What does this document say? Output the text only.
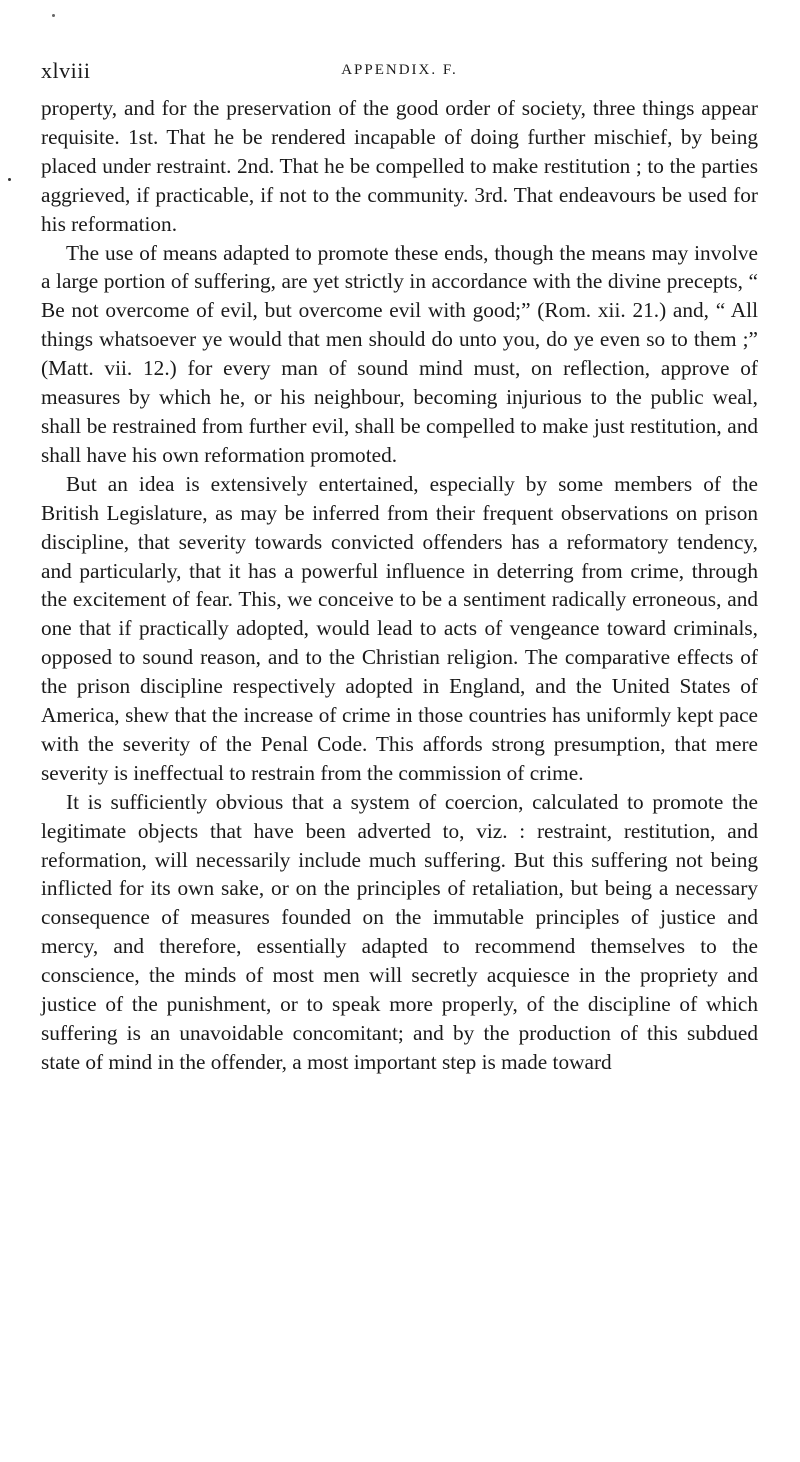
xlviii	APPENDIX. F.

property, and for the preservation of the good order of society, three things appear requisite. 1st. That he be rendered incapable of doing further mischief, by being placed under restraint. 2nd. That he be compelled to make restitution ; to the parties aggrieved, if practicable, if not to the community. 3rd. That endeavours be used for his reformation.

The use of means adapted to promote these ends, though the means may involve a large portion of suffering, are yet strictly in accordance with the divine precepts, “ Be not overcome of evil, but overcome evil with good;” (Rom. xii. 21.) and, “ All things whatsoever ye would that men should do unto you, do ye even so to them ;” (Matt. vii. 12.) for every man of sound mind must, on reflection, approve of measures by which he, or his neighbour, becoming injurious to the public weal, shall be restrained from further evil, shall be compelled to make just restitution, and shall have his own reformation promoted.

But an idea is extensively entertained, especially by some members of the British Legislature, as may be inferred from their frequent observations on prison discipline, that severity towards convicted offenders has a reformatory tendency, and particularly, that it has a powerful influence in deterring from crime, through the excitement of fear. This, we conceive to be a sentiment radically erroneous, and one that if practically adopted, would lead to acts of vengeance toward criminals, opposed to sound reason, and to the Christian religion. The comparative effects of the prison discipline respectively adopted in England, and the United States of America, shew that the increase of crime in those countries has uniformly kept pace with the severity of the Penal Code. This affords strong presumption, that mere severity is ineffectual to restrain from the commission of crime.

It is sufficiently obvious that a system of coercion, calculated to promote the legitimate objects that have been adverted to, viz. : restraint, restitution, and reformation, will necessarily include much suffering. But this suffering not being inflicted for its own sake, or on the principles of retaliation, but being a necessary consequence of measures founded on the immutable principles of justice and mercy, and therefore, essentially adapted to recommend themselves to the conscience, the minds of most men will secretly acquiesce in the propriety and justice of the punishment, or to speak more properly, of the discipline of which suffering is an unavoidable concomitant; and by the production of this subdued state of mind in the offender, a most important step is made toward
